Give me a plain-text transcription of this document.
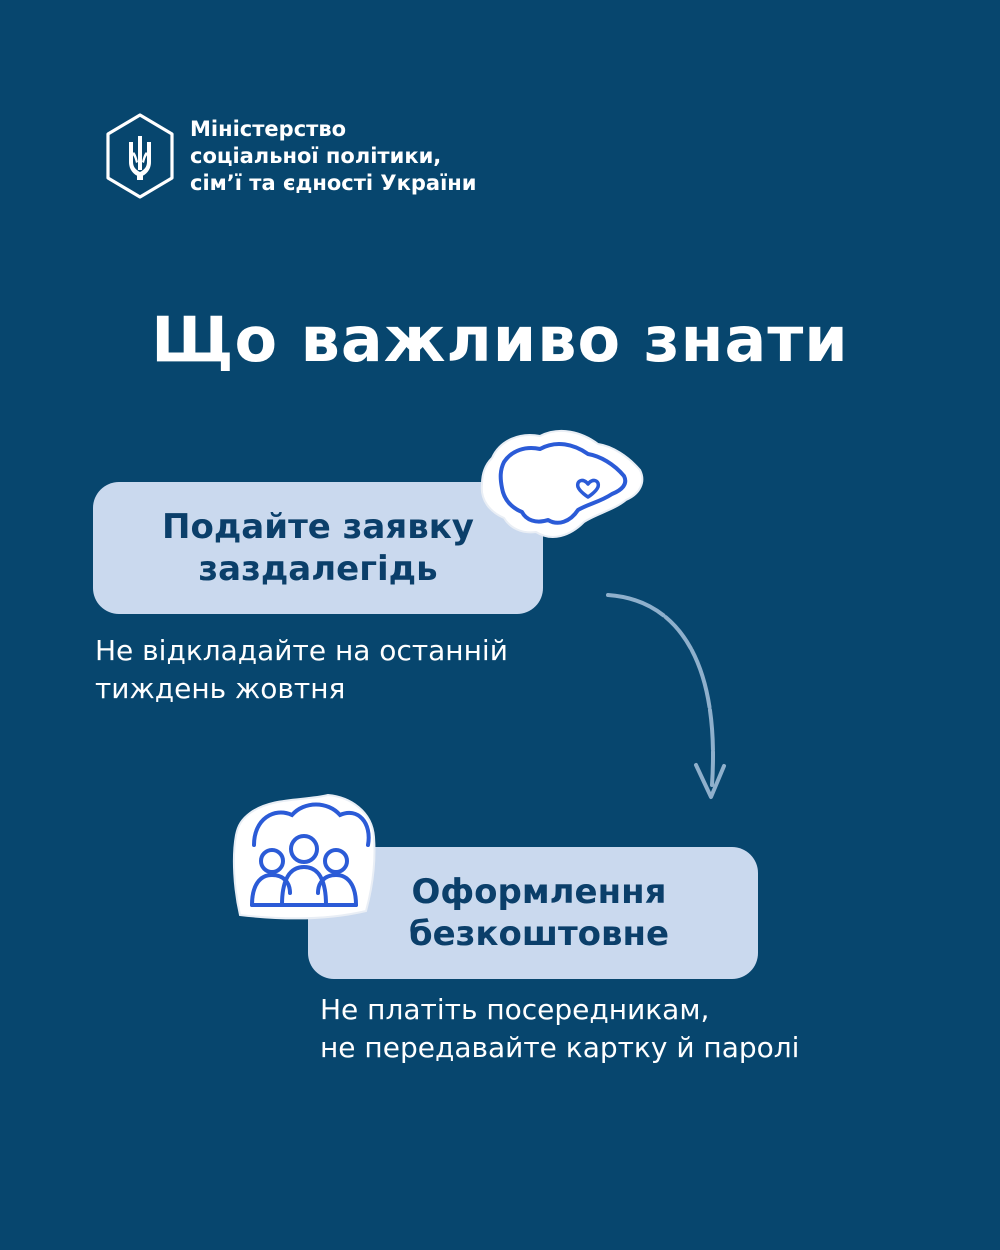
Міністерство
соціальної політики,
сім’ї та єдності України
Що важливо знати
Подайте заявку
заздалегідь
Не відкладайте на останній
тиждень жовтня
Оформлення
безкоштовне
Не платіть посередникам,
не передавайте картку й паролі
